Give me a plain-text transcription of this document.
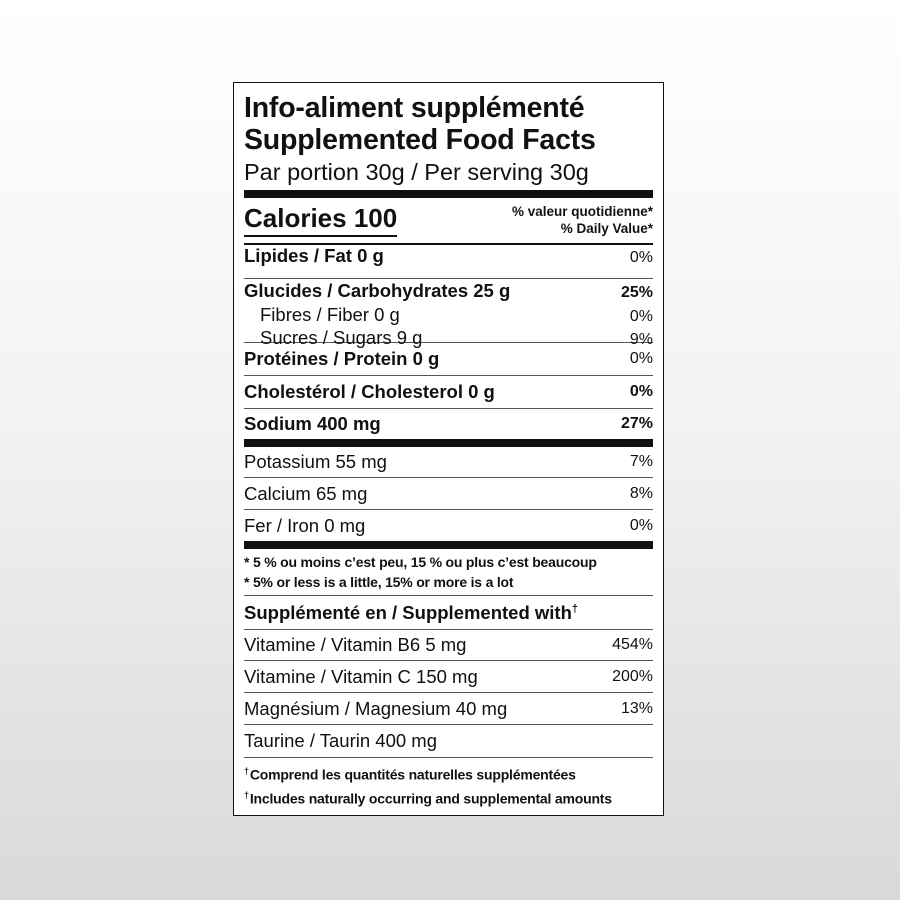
Info-aliment supplémenté
Supplemented Food Facts
Par portion 30g / Per serving 30g
Calories 100	% valeur quotidienne*
% Daily Value*
Lipides / Fat 0 g	0%
Glucides / Carbohydrates 25 g	25%
Fibres / Fiber 0 g	0%
Sucres / Sugars 9 g	9%
Protéines / Protein 0 g	0%
Cholestérol / Cholesterol 0 g	0%
Sodium 400 mg	27%
Potassium 55 mg	7%
Calcium 65 mg	8%
Fer / Iron 0 mg	0%
* 5 % ou moins c’est peu, 15 % ou plus c’est beaucoup
* 5% or less is a little, 15% or more is a lot
Supplémenté en / Supplemented with†
Vitamine / Vitamin B6 5 mg	454%
Vitamine / Vitamin C 150 mg	200%
Magnésium / Magnesium 40 mg	13%
Taurine / Taurin 400 mg
†Comprend les quantités naturelles supplémentées
†Includes naturally occurring and supplemental amounts
